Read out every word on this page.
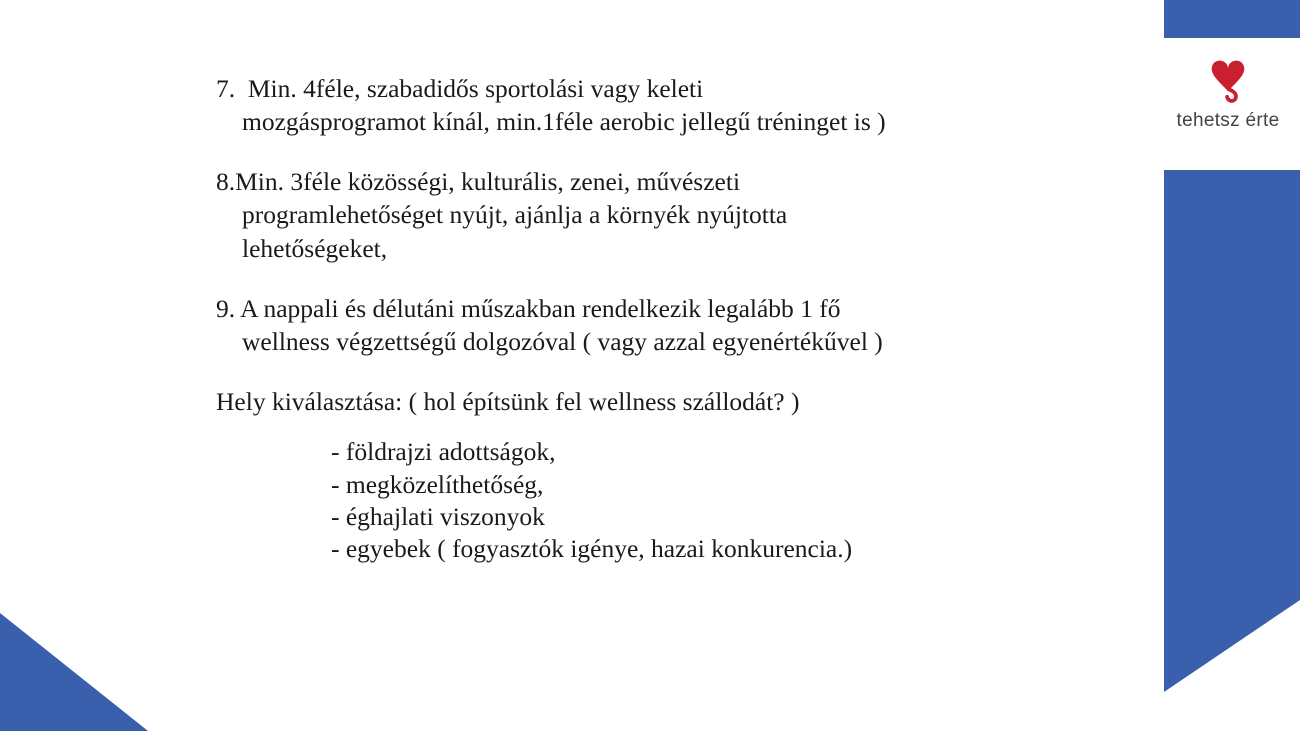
tehetsz érte
7. Min. 4féle, szabadidős sportolási vagy keleti
mozgásprogramot kínál, min.1féle aerobic jellegű tréninget is )
8.Min. 3féle közösségi, kulturális, zenei, művészeti
programlehetőséget nyújt, ajánlja a környék nyújtotta
lehetőségeket,
9. A nappali és délutáni műszakban rendelkezik legalább 1 fő
wellness végzettségű dolgozóval ( vagy azzal egyenértékűvel )
Hely kiválasztása: ( hol építsünk fel wellness szállodát? )
- földrajzi adottságok,
- megközelíthetőség,
- éghajlati viszonyok
- egyebek ( fogyasztók igénye, hazai konkurencia.)
